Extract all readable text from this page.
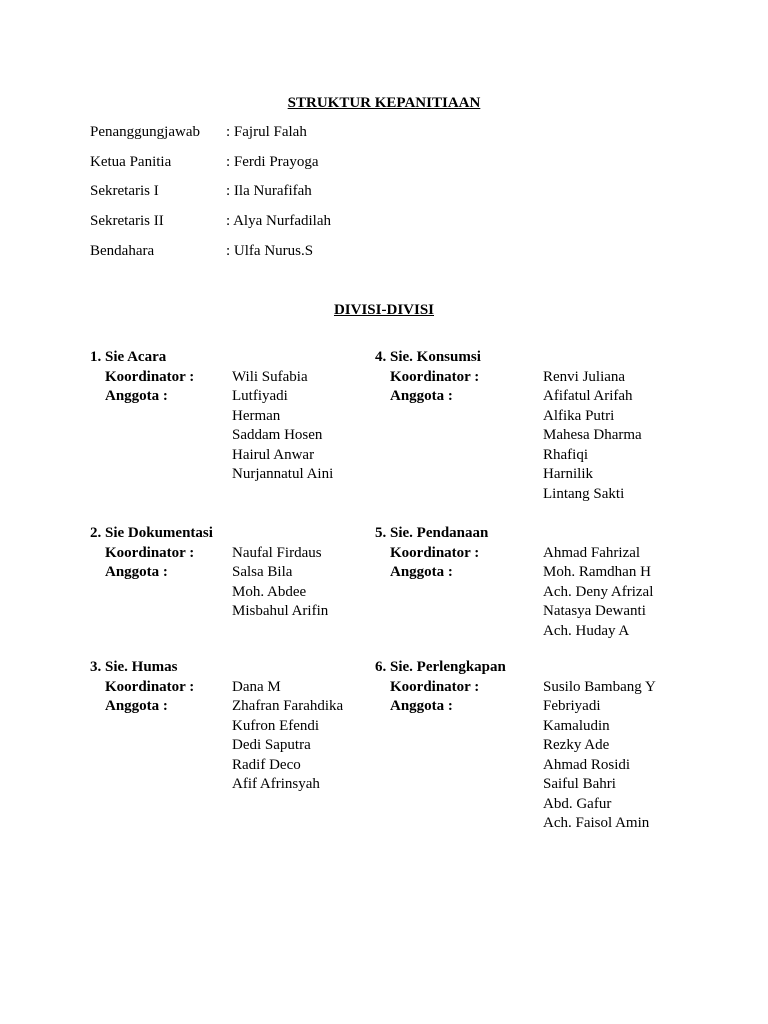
STRUKTUR KEPANITIAAN
Penanggungjawab : Fajrul Falah
Ketua Panitia	: Ferdi Prayoga
Sekretaris I	: Ila Nurafifah
Sekretaris II	: Alya Nurfadilah
Bendahara	: Ulfa Nurus.S
DIVISI-DIVISI
1. Sie Acara
Koordinator :	Wili Sufabia
Anggota :	Lutfiyadi
Herman
Saddam Hosen
Hairul Anwar
Nurjannatul Aini
2. Sie Dokumentasi
Koordinator :	Naufal Firdaus
Anggota :	Salsa Bila
Moh. Abdee
Misbahul Arifin
3. Sie. Humas
Koordinator :	Dana M
Anggota :	Zhafran Farahdika
Kufron Efendi
Dedi Saputra
Radif Deco
Afif Afrinsyah
4. Sie. Konsumsi
Koordinator :	Renvi Juliana
Anggota :	Afifatul Arifah
Alfika Putri
Mahesa Dharma
Rhafiqi
Harnilik
Lintang Sakti
5. Sie. Pendanaan
Koordinator :	Ahmad Fahrizal
Anggota :	Moh. Ramdhan H
Ach. Deny Afrizal
Natasya Dewanti
Ach. Huday A
6. Sie. Perlengkapan
Koordinator :	Susilo Bambang Y
Anggota :	Febriyadi
Kamaludin
Rezky Ade
Ahmad Rosidi
Saiful Bahri
Abd. Gafur
Ach. Faisol Amin
